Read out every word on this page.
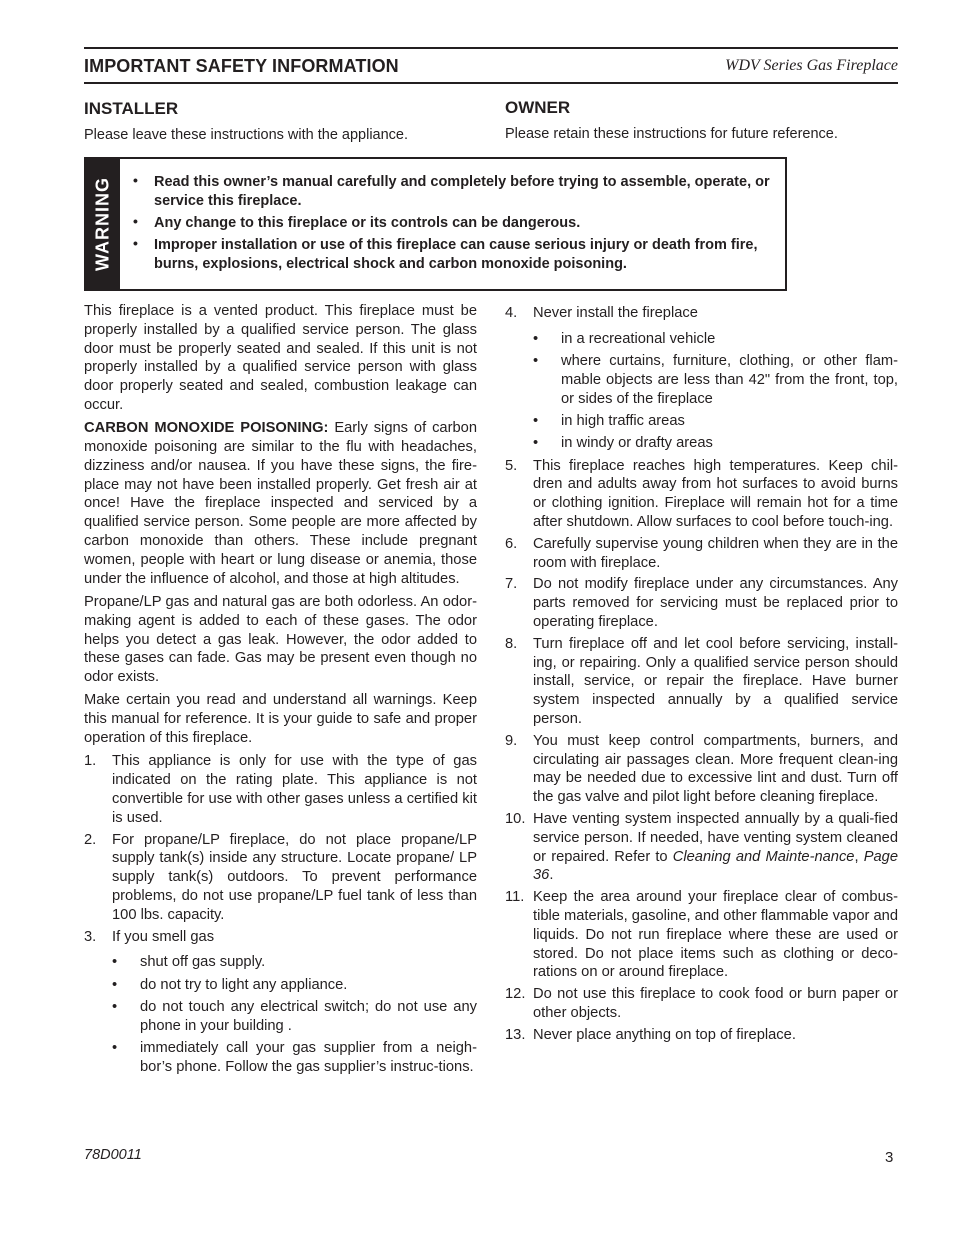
IMPORTANT SAFETY INFORMATION	WDV Series Gas Fireplace
INSTALLER
Please leave these instructions with the appliance.
OWNER
Please retain these instructions for future reference.
WARNING • Read this owner’s manual carefully and completely before trying to assemble, operate, or service this fireplace.
• Any change to this fireplace or its controls can be dangerous.
• Improper installation or use of this fireplace can cause serious injury or death from fire, burns, explosions, electrical shock and carbon monoxide poisoning.

This fireplace is a vented product. This fireplace must be properly installed by a qualified service person. The glass door must be properly seated and sealed. If this unit is not properly installed by a qualified service person with glass door properly seated and sealed, combustion leakage can occur.

CARBON MONOXIDE POISONING: Early signs of carbon monoxide poisoning are similar to the flu with headaches, dizziness and/or nausea. If you have these signs, the fire-place may not have been installed properly. Get fresh air at once! Have the fireplace inspected and serviced by a qualified service person. Some people are more affected by carbon monoxide than others. These include pregnant women, people with heart or lung disease or anemia, those under the influence of alcohol, and those at high altitudes.

Propane/LP gas and natural gas are both odorless. An odor-making agent is added to each of these gases. The odor helps you detect a gas leak. However, the odor added to these gases can fade. Gas may be present even though no odor exists.

Make certain you read and understand all warnings. Keep this manual for reference. It is your guide to safe and proper operation of this fireplace.

1. This appliance is only for use with the type of gas indicated on the rating plate. This appliance is not convertible for use with other gases unless a certified kit is used.
2. For propane/LP fireplace, do not place propane/LP supply tank(s) inside any structure. Locate propane/ LP supply tank(s) outdoors. To prevent performance problems, do not use propane/LP fuel tank of less than 100 lbs. capacity.
3. If you smell gas
• shut off gas supply.
• do not try to light any appliance.
• do not touch any electrical switch; do not use any phone in your building .
• immediately call your gas supplier from a neigh-bor’s phone. Follow the gas supplier’s instruc-tions.
4. Never install the fireplace
• in a recreational vehicle
• where curtains, furniture, clothing, or other flam-mable objects are less than 42" from the front, top, or sides of the fireplace
• in high traffic areas
• in windy or drafty areas
5. This fireplace reaches high temperatures. Keep chil-dren and adults away from hot surfaces to avoid burns or clothing ignition. Fireplace will remain hot for a time after shutdown. Allow surfaces to cool before touch-ing.
6. Carefully supervise young children when they are in the room with fireplace.
7. Do not modify fireplace under any circumstances. Any parts removed for servicing must be replaced prior to operating fireplace.
8. Turn fireplace off and let cool before servicing, install-ing, or repairing. Only a qualified service person should install, service, or repair the fireplace. Have burner system inspected annually by a qualified service person.
9. You must keep control compartments, burners, and circulating air passages clean. More frequent clean-ing may be needed due to excessive lint and dust. Turn off the gas valve and pilot light before cleaning fireplace.
10. Have venting system inspected annually by a quali-fied service person. If needed, have venting system cleaned or repaired. Refer to Cleaning and Mainte-nance, Page 36.
11. Keep the area around your fireplace clear of combus-tible materials, gasoline, and other flammable vapor and liquids. Do not run fireplace where these are used or stored. Do not place items such as clothing or deco-rations on or around fireplace.
12. Do not use this fireplace to cook food or burn paper or other objects.
13. Never place anything on top of fireplace.
78D0011	3
